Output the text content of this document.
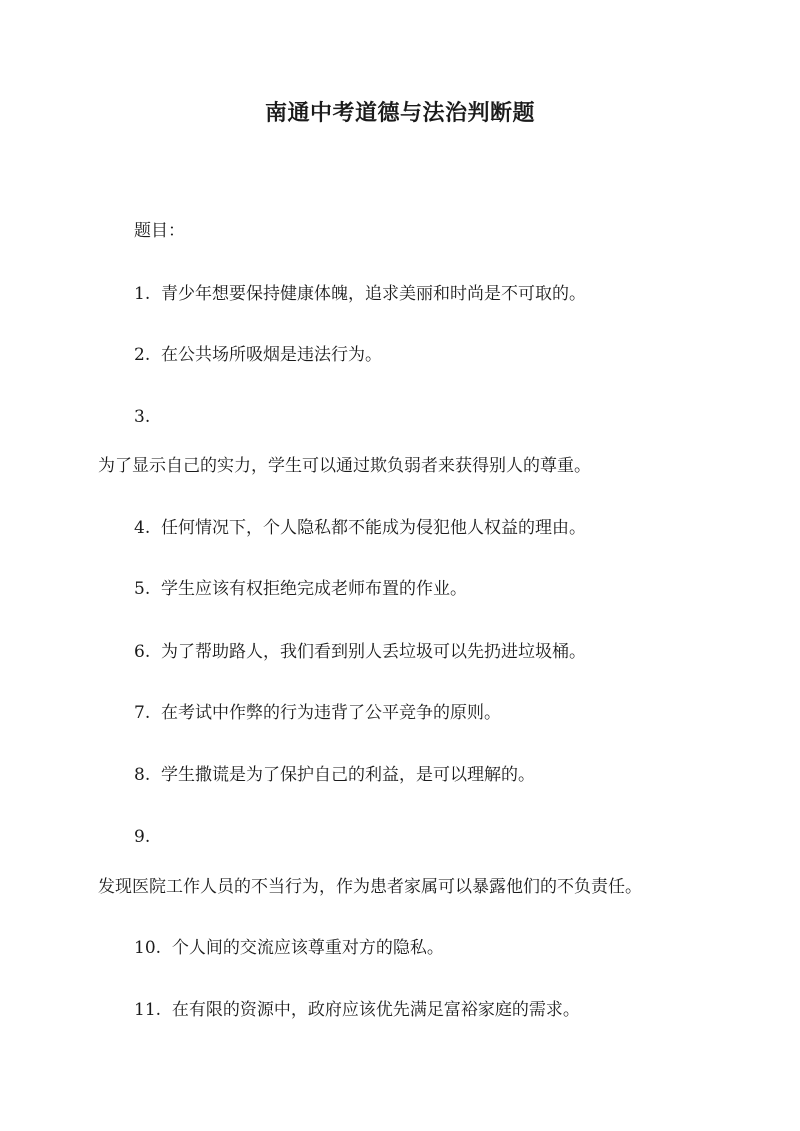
南通中考道德与法治判断题
题目：
1. 青少年想要保持健康体魄，追求美丽和时尚是不可取的。
2. 在公共场所吸烟是违法行为。
3.
为了显示自己的实力，学生可以通过欺负弱者来获得别人的尊重。
4. 任何情况下，个人隐私都不能成为侵犯他人权益的理由。
5. 学生应该有权拒绝完成老师布置的作业。
6. 为了帮助路人，我们看到别人丢垃圾可以先扔进垃圾桶。
7. 在考试中作弊的行为违背了公平竞争的原则。
8. 学生撒谎是为了保护自己的利益，是可以理解的。
9.
发现医院工作人员的不当行为，作为患者家属可以暴露他们的不负责任。
10. 个人间的交流应该尊重对方的隐私。
11. 在有限的资源中，政府应该优先满足富裕家庭的需求。
